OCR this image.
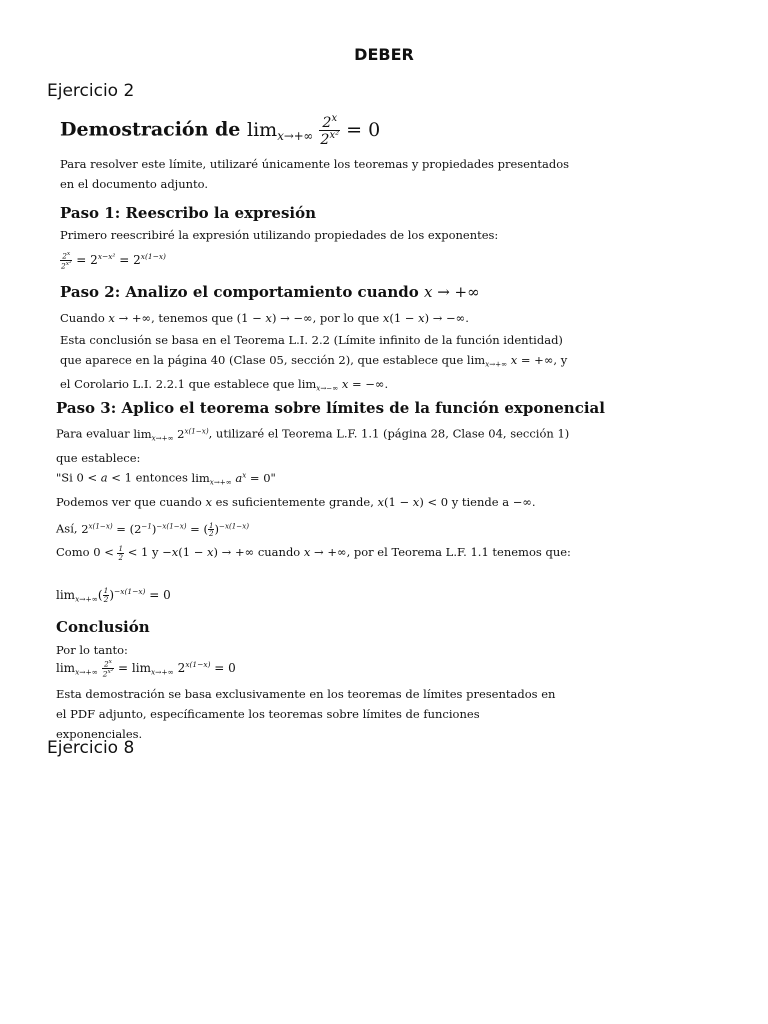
DEBER
Ejercicio 2
Demostración de $\lim_{x\to+\infty} \frac{2^x}{2^{x^2}} = 0$
Para resolver este límite, utilizaré únicamente los teoremas y propiedades presentados en el documento adjunto.
Paso 1: Reescribo la expresión
Primero reescribiré la expresión utilizando propiedades de los exponentes:
$\frac{2^x}{2^{x^2}} = 2^{x-x^2} = 2^{x(1-x)}$
Paso 2: Analizo el comportamiento cuando x → +∞
Cuando x → +∞, tenemos que (1 − x) → −∞, por lo que x(1 − x) → −∞.
Esta conclusión se basa en el Teorema L.I. 2.2 (Límite infinito de la función identidad) que aparece en la página 40 (Clase 05, sección 2), que establece que $\lim_{x\to+\infty} x$ = +∞, y el Corolario L.I. 2.2.1 que establece que $\lim_{x\to-\infty} x$ = −∞.
Paso 3: Aplico el teorema sobre límites de la función exponencial
Para evaluar $\lim_{x\to+\infty} 2^{x(1-x)}$, utilizaré el Teorema L.F. 1.1 (página 28, Clase 04, sección 1) que establece:
"Si 0 < a < 1 entonces $\lim_{x\to+\infty} a^x = 0$"
Podemos ver que cuando x es suficientemente grande, x(1 − x) < 0 y tiende a −∞.
Así, $2^{x(1-x)} = (2^{-1})^{-x(1-x)}$ = ( $\frac{1}{2} )^{-x(1-x)}$
Como $0 < \frac{1}{2} < 1$ y −x(1 − x) → +∞ cuando x → +∞, por el Teorema L.F. 1.1 tenemos que:
$\lim_{x\to+\infty}( \frac{1}{2} )^{-x(1-x)} = 0$
Conclusión
Por lo tanto:
$\lim_{x\to+\infty} \frac{2^x}{2^{x^2}} = \lim_{x\to+\infty} 2^{x(1-x)} = 0$
Esta demostración se basa exclusivamente en los teoremas de límites presentados en el PDF adjunto, específicamente los teoremas sobre límites de funciones exponenciales.
Ejercicio 8
